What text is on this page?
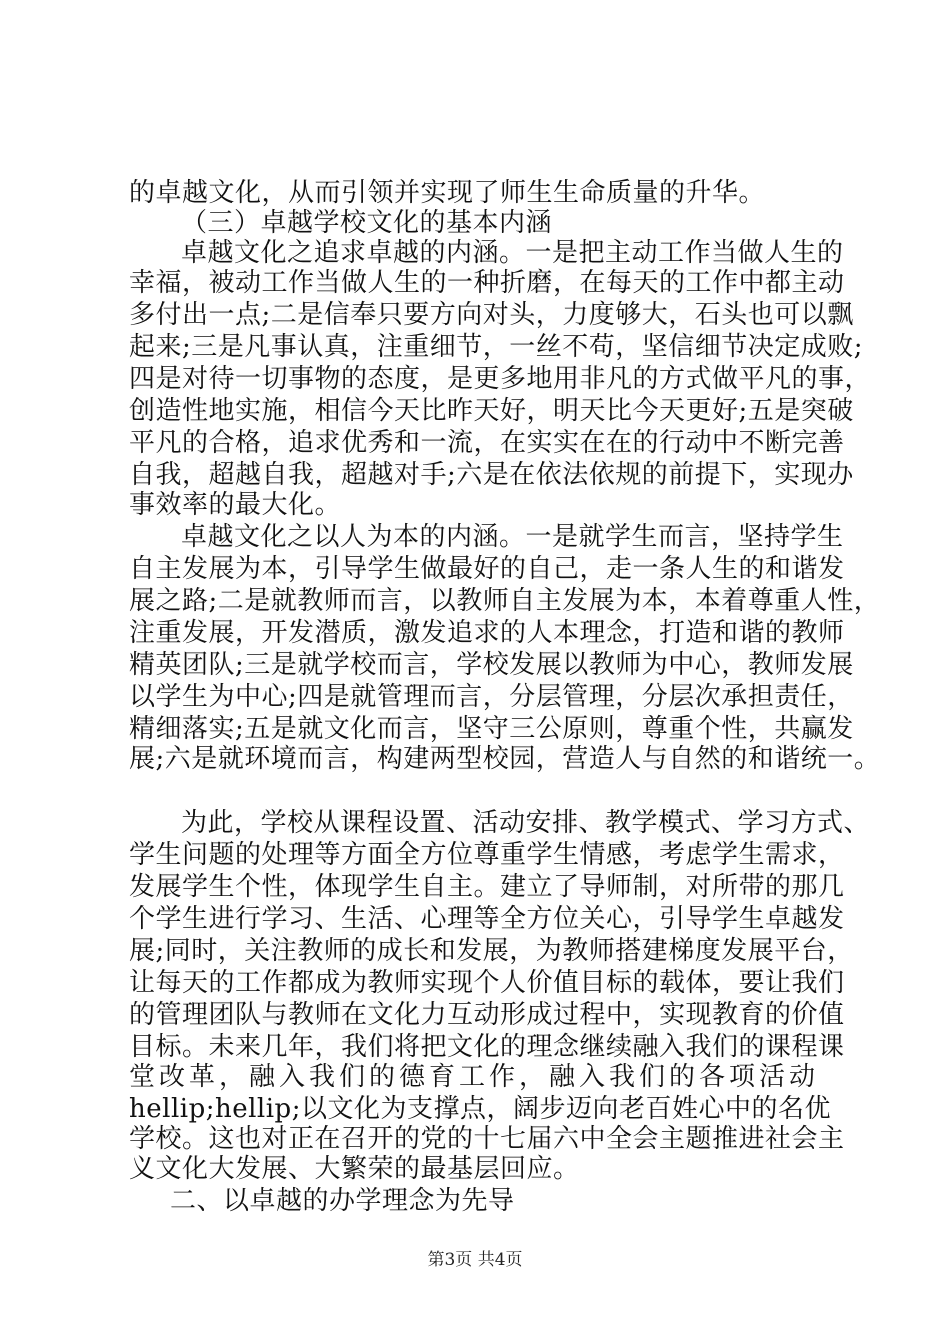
的卓越文化，从而引领并实现了师生生命质量的升华。
（三）卓越学校文化的基本内涵
卓越文化之追求卓越的内涵。一是把主动工作当做人生的
幸福，被动工作当做人生的一种折磨，在每天的工作中都主动
多付出一点;二是信奉只要方向对头，力度够大，石头也可以飘
起来;三是凡事认真，注重细节，一丝不苟，坚信细节决定成败;
四是对待一切事物的态度，是更多地用非凡的方式做平凡的事，
创造性地实施，相信今天比昨天好，明天比今天更好;五是突破
平凡的合格，追求优秀和一流，在实实在在的行动中不断完善
自我，超越自我，超越对手;六是在依法依规的前提下，实现办
事效率的最大化。
卓越文化之以人为本的内涵。一是就学生而言，坚持学生
自主发展为本，引导学生做最好的自己，走一条人生的和谐发
展之路;二是就教师而言，以教师自主发展为本，本着尊重人性，
注重发展，开发潜质，激发追求的人本理念，打造和谐的教师
精英团队;三是就学校而言，学校发展以教师为中心，教师发展
以学生为中心;四是就管理而言，分层管理，分层次承担责任，
精细落实;五是就文化而言，坚守三公原则，尊重个性，共赢发
展;六是就环境而言，构建两型校园，营造人与自然的和谐统一。
为此，学校从课程设置、活动安排、教学模式、学习方式、
学生问题的处理等方面全方位尊重学生情感，考虑学生需求，
发展学生个性，体现学生自主。建立了导师制，对所带的那几
个学生进行学习、生活、心理等全方位关心，引导学生卓越发
展;同时，关注教师的成长和发展，为教师搭建梯度发展平台，
让每天的工作都成为教师实现个人价值目标的载体，要让我们
的管理团队与教师在文化力互动形成过程中，实现教育的价值
目标。未来几年，我们将把文化的理念继续融入我们的课程课
堂改革，融入我们的德育工作，融入我们的各项活动
hellip;hellip;以文化为支撑点，阔步迈向老百姓心中的名优
学校。这也对正在召开的党的十七届六中全会主题推进社会主
义文化大发展、大繁荣的最基层回应。
二、以卓越的办学理念为先导
第3页 共4页
